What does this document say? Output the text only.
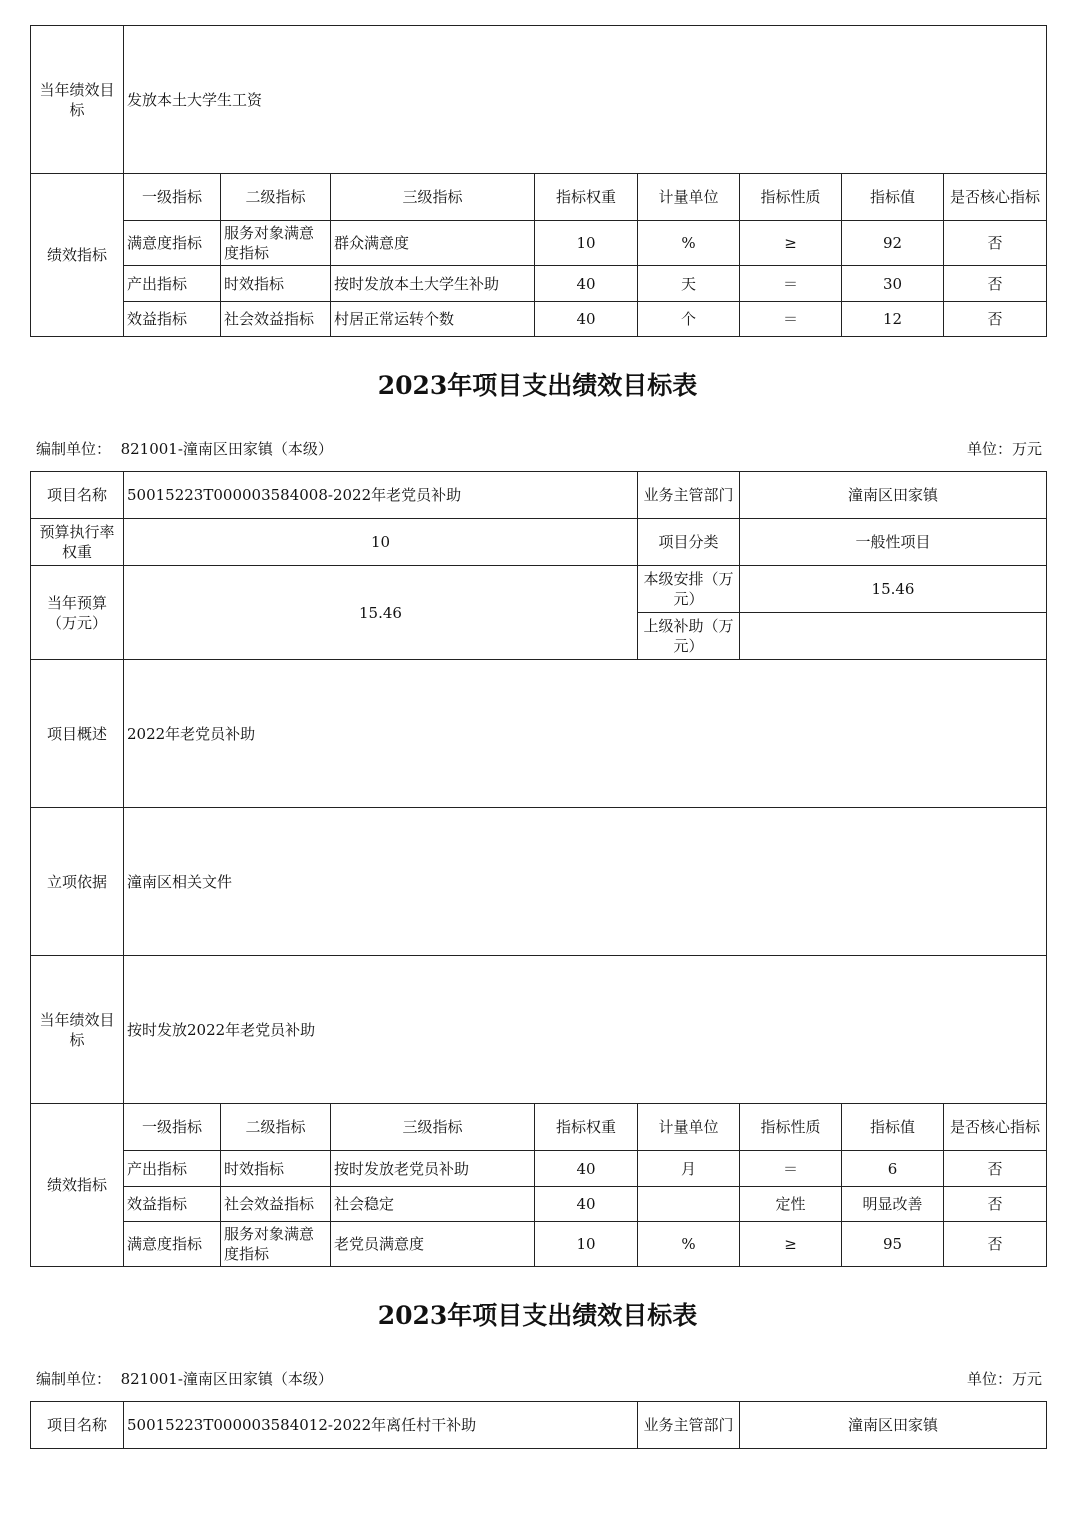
当年绩效目标	发放本土大学生工资							
绩效指标	一级指标	二级指标	三级指标	指标权重	计量单位	指标性质	指标值	是否核心指标
	满意度指标	服务对象满意度指标	群众满意度	10	%	≥	92	否
	产出指标	时效指标	按时发放本土大学生补助	40	天	＝	30	否
	效益指标	社会效益指标	村居正常运转个数	40	个	＝	12	否
2023年项目支出绩效目标表
编制单位： 821001-潼南区田家镇（本级）	单位：万元
项目名称	50015223T000003584008-2022年老党员补助				业务主管部门	潼南区田家镇		
预算执行率权重	10				项目分类	一般性项目		
当年预算（万元）	15.46				本级安排（万元）	15.46		
					上级补助（万元）			
项目概述	2022年老党员补助							
立项依据	潼南区相关文件							
当年绩效目标	按时发放2022年老党员补助							
绩效指标	一级指标	二级指标	三级指标	指标权重	计量单位	指标性质	指标值	是否核心指标
	产出指标	时效指标	按时发放老党员补助	40	月	＝	6	否
	效益指标	社会效益指标	社会稳定	40		定性	明显改善	否
	满意度指标	服务对象满意度指标	老党员满意度	10	%	≥	95	否
2023年项目支出绩效目标表
编制单位： 821001-潼南区田家镇（本级）	单位：万元
项目名称	50015223T000003584012-2022年离任村干补助	业务主管部门	潼南区田家镇
